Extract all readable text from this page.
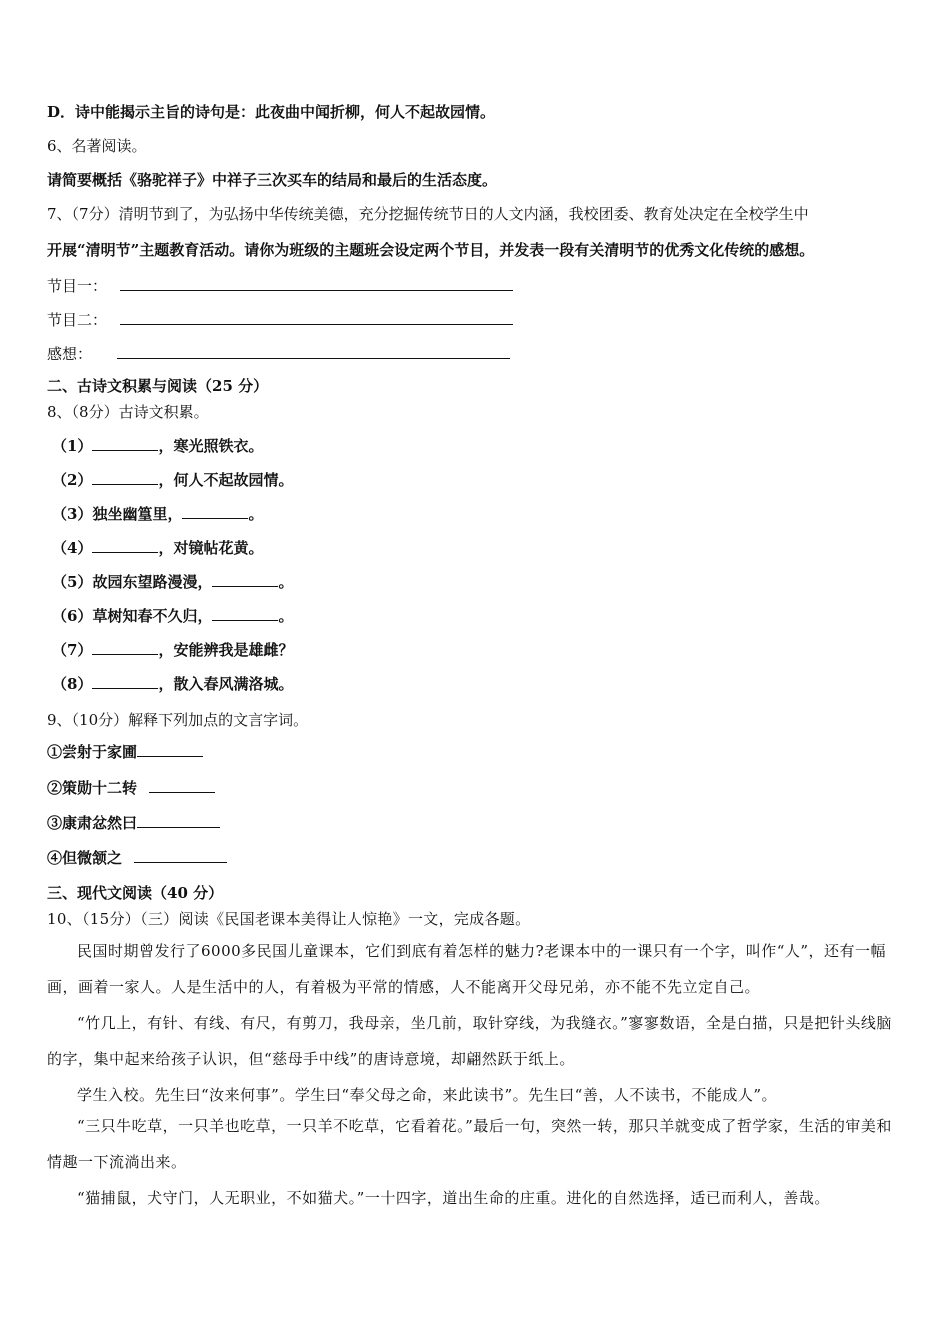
D．诗中能揭示主旨的诗句是：此夜曲中闻折柳，何人不起故园情。
6、名著阅读。
请简要概括《骆驼祥子》中祥子三次买车的结局和最后的生活态度。
7、（7分）清明节到了，为弘扬中华传统美德，充分挖掘传统节日的人文内涵，我校团委、教育处决定在全校学生中
开展“清明节”主题教育活动。请你为班级的主题班会设定两个节目，并发表一段有关清明节的优秀文化传统的感想。
节目一：
节目二：
感想：
二、古诗文积累与阅读（25 分）
8、（8分）古诗文积累。
（1）	，寒光照铁衣。
（2）	，何人不起故园情。
（3）独坐幽篁里，	。
（4）	，对镜帖花黄。
（5）故园东望路漫漫，	。
（6）草树知春不久归，	。
（7）	，安能辨我是雄雌？
（8）	，散入春风满洛城。
9、（10分）解释下列加点的文言字词。
①尝射于家圃
②策勋十二转
③康肃忿然曰
④但微颔之
三、现代文阅读（40 分）
10、（15分）（三）阅读《民国老课本美得让人惊艳》一文，完成各题。
民国时期曾发行了6000多民国儿童课本，它们到底有着怎样的魅力?老课本中的一课只有一个字，叫作“人”，还有一幅画，画着一家人。人是生活中的人，有着极为平常的情感，人不能离开父母兄弟，亦不能不先立定自己。
“竹几上，有针、有线、有尺，有剪刀，我母亲，坐几前，取针穿线，为我缝衣。”寥寥数语，全是白描，只是把针头线脑的字，集中起来给孩子认识，但“慈母手中线”的唐诗意境，却翩然跃于纸上。
学生入校。先生曰“汝来何事”。学生曰“奉父母之命，来此读书”。先生曰“善，人不读书，不能成人”。
“三只牛吃草，一只羊也吃草，一只羊不吃草，它看着花。”最后一句，突然一转，那只羊就变成了哲学家，生活的审美和情趣一下流淌出来。
“猫捕鼠，犬守门，人无职业，不如猫犬。”一十四字，道出生命的庄重。进化的自然选择，适已而利人，善哉。
